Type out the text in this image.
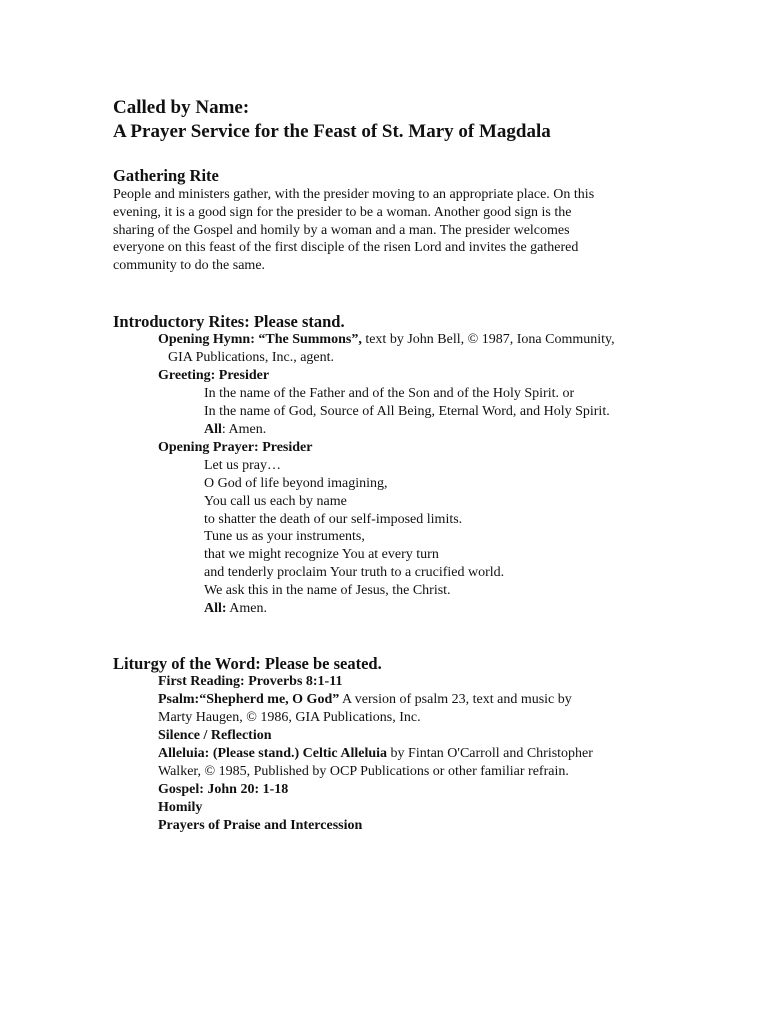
Called by Name:
A Prayer Service for the Feast of St. Mary of Magdala
Gathering Rite
People and ministers gather, with the presider moving to an appropriate place. On this
evening, it is a good sign for the presider to be a woman. Another good sign is the
sharing of the Gospel and homily by a woman and a man. The presider welcomes
everyone on this feast of the first disciple of the risen Lord and invites the gathered
community to do the same.
Introductory Rites: Please stand.
Opening Hymn: “The Summons”, text by John Bell, © 1987, Iona Community,
GIA Publications, Inc., agent.
Greeting: Presider
In the name of the Father and of the Son and of the Holy Spirit. or
In the name of God, Source of All Being, Eternal Word, and Holy Spirit.
All: Amen.
Opening Prayer: Presider
Let us pray…
O God of life beyond imagining,
You call us each by name
to shatter the death of our self-imposed limits.
Tune us as your instruments,
that we might recognize You at every turn
and tenderly proclaim Your truth to a crucified world.
We ask this in the name of Jesus, the Christ.
All: Amen.
Liturgy of the Word: Please be seated.
First Reading: Proverbs 8:1-11
Psalm:“Shepherd me, O God” A version of psalm 23, text and music by
Marty Haugen, © 1986, GIA Publications, Inc.
Silence / Reflection
Alleluia: (Please stand.) Celtic Alleluia by Fintan O'Carroll and Christopher
Walker, © 1985, Published by OCP Publications or other familiar refrain.
Gospel: John 20: 1-18
Homily
Prayers of Praise and Intercession
